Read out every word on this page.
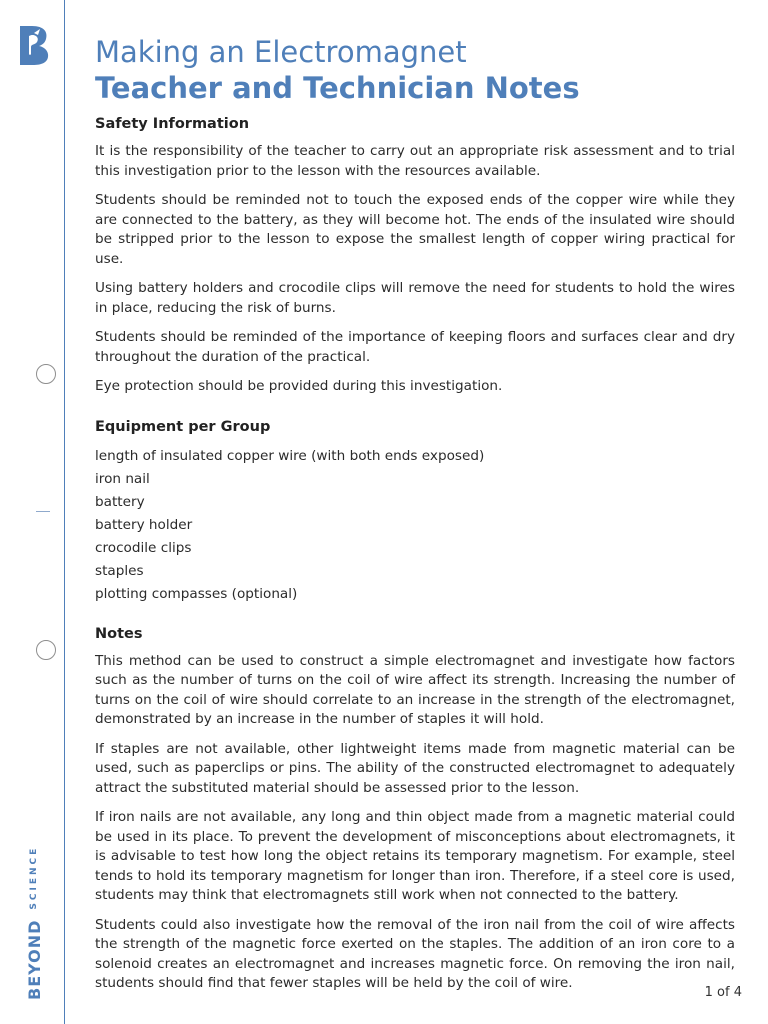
BEYOND
SCIENCE
Making an Electromagnet
Teacher and Technician Notes
Safety Information

It is the responsibility of the teacher to carry out an appropriate risk assessment and to trial this investigation prior to the lesson with the resources available.

Students should be reminded not to touch the exposed ends of the copper wire while they are connected to the battery, as they will become hot. The ends of the insulated wire should be stripped prior to the lesson to expose the smallest length of copper wiring practical for use.

Using battery holders and crocodile clips will remove the need for students to hold the wires in place, reducing the risk of burns.

Students should be reminded of the importance of keeping floors and surfaces clear and dry throughout the duration of the practical.

Eye protection should be provided during this investigation.

Equipment per Group
length of insulated copper wire (with both ends exposed)
iron nail
battery
battery holder
crocodile clips
staples
plotting compasses (optional)
Notes

This method can be used to construct a simple electromagnet and investigate how factors such as the number of turns on the coil of wire affect its strength. Increasing the number of turns on the coil of wire should correlate to an increase in the strength of the electromagnet, demonstrated by an increase in the number of staples it will hold.

If staples are not available, other lightweight items made from magnetic material can be used, such as paperclips or pins. The ability of the constructed electromagnet to adequately attract the substituted material should be assessed prior to the lesson.

If iron nails are not available, any long and thin object made from a magnetic material could be used in its place. To prevent the development of misconceptions about electromagnets, it is advisable to test how long the object retains its temporary magnetism. For example, steel tends to hold its temporary magnetism for longer than iron. Therefore, if a steel core is used, students may think that electromagnets still work when not connected to the battery.

Students could also investigate how the removal of the iron nail from the coil of wire affects the strength of the magnetic force exerted on the staples. The addition of an iron core to a solenoid creates an electromagnet and increases magnetic force. On removing the iron nail, students should find that fewer staples will be held by the coil of wire.

1 of 4
